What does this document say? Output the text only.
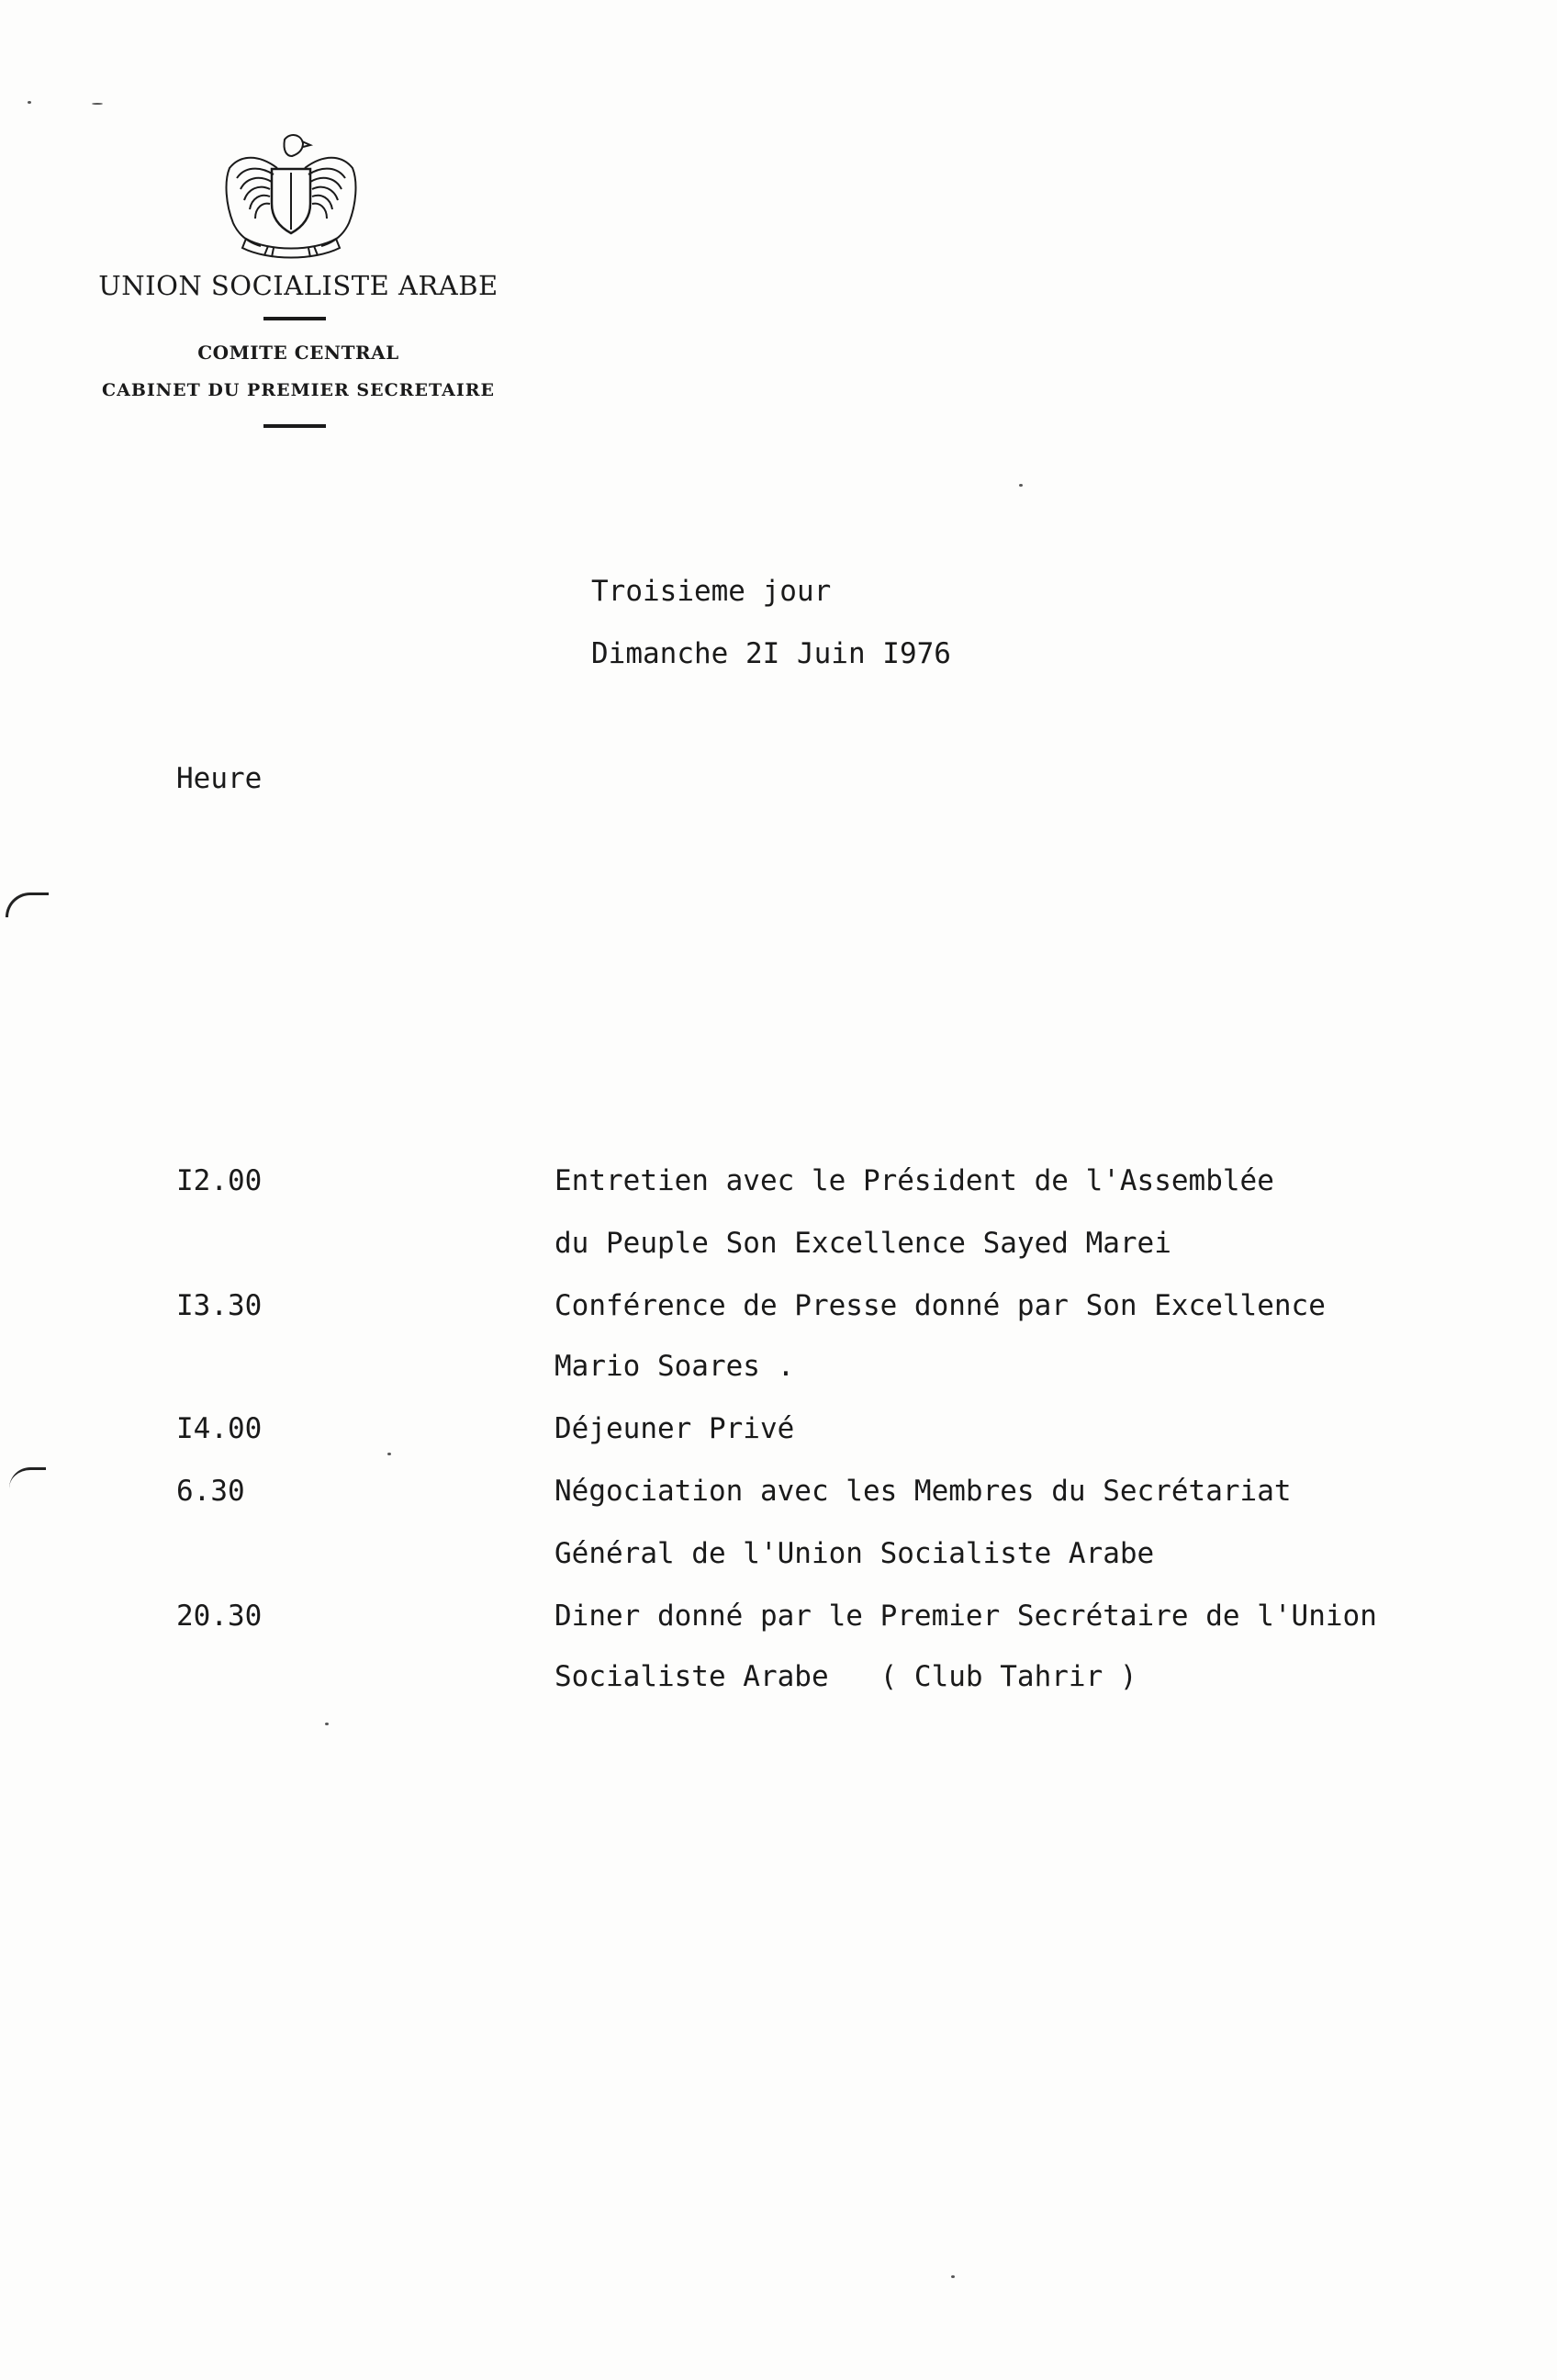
UNION SOCIALISTE ARABE
COMITE CENTRAL
CABINET DU PREMIER SECRETAIRE
Troisieme jour
Dimanche 2I Juin I976
Heure
I2.00	Entretien avec le Président de l'Assemblée
du Peuple Son Excellence Sayed Marei
I3.30	Conférence de Presse donné par Son Excellence
Mario Soares .
I4.00	Déjeuner Privé
6.30	Négociation avec les Membres du Secrétariat
Général de l'Union Socialiste Arabe
20.30	Diner donné par le Premier Secrétaire de l'Union
Socialiste Arabe   ( Club Tahrir )
